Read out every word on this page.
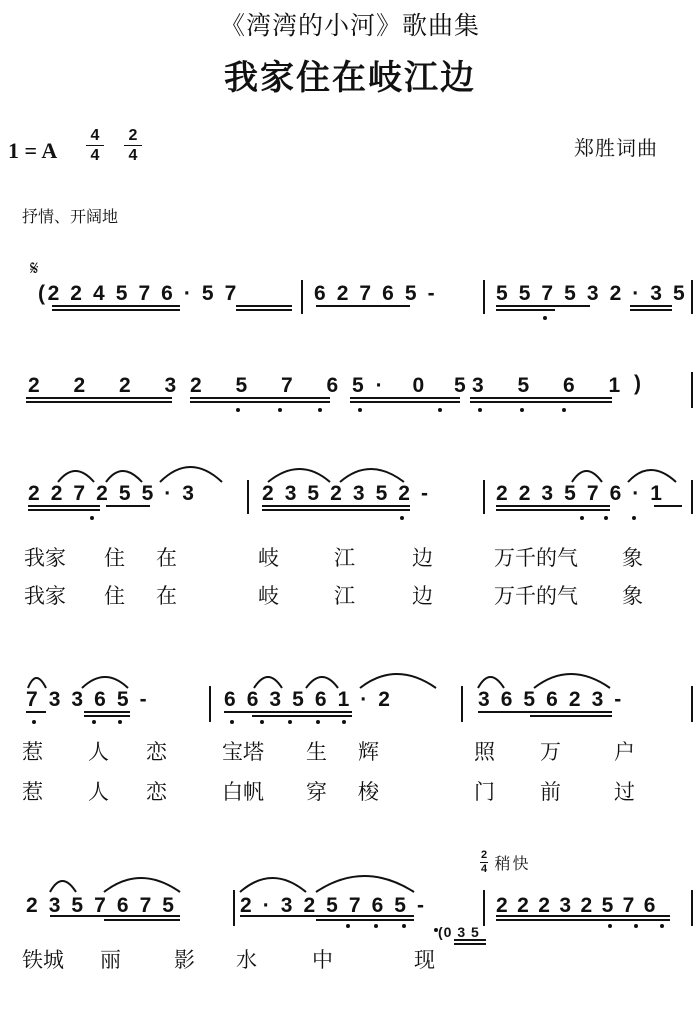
《湾湾的小河》歌曲集
我家住在岐江边
1 = A
4
4
2
4	郑胜词曲
抒情、开阔地
𝄋
(2 2 4 5 7 6 · 5 7	6 2 7 6 5 -	5 5 7 5 3 2 · 3 5
2 2 2 3 2 5 7 6 5· 0 5
3 5 6 1 )
2 2 7 2 5 5 · 3	2 3 5 2 3 5 2 -	2 2 3 5 7 6 · 1
我家 住 在	岐	江	边	万千的气 象
我家 住 在	岐	江	边	万千的气 象
7 3 3 6 5 -	6 6 3 5 6 1 · 2	3 6 5 6 2 3 -
惹 人 恋	宝塔 生 辉	照 万	户
惹 人 恋	白帆 穿 梭	门 前	过
$\frac{2}{4}$ 稍快
2 3 5 7 6 7 5	2 · 3 2 5 7 6 5 -	2 2 2 3 2 5 7 6
(0 3 5
铁城 丽	影 水	中	现
